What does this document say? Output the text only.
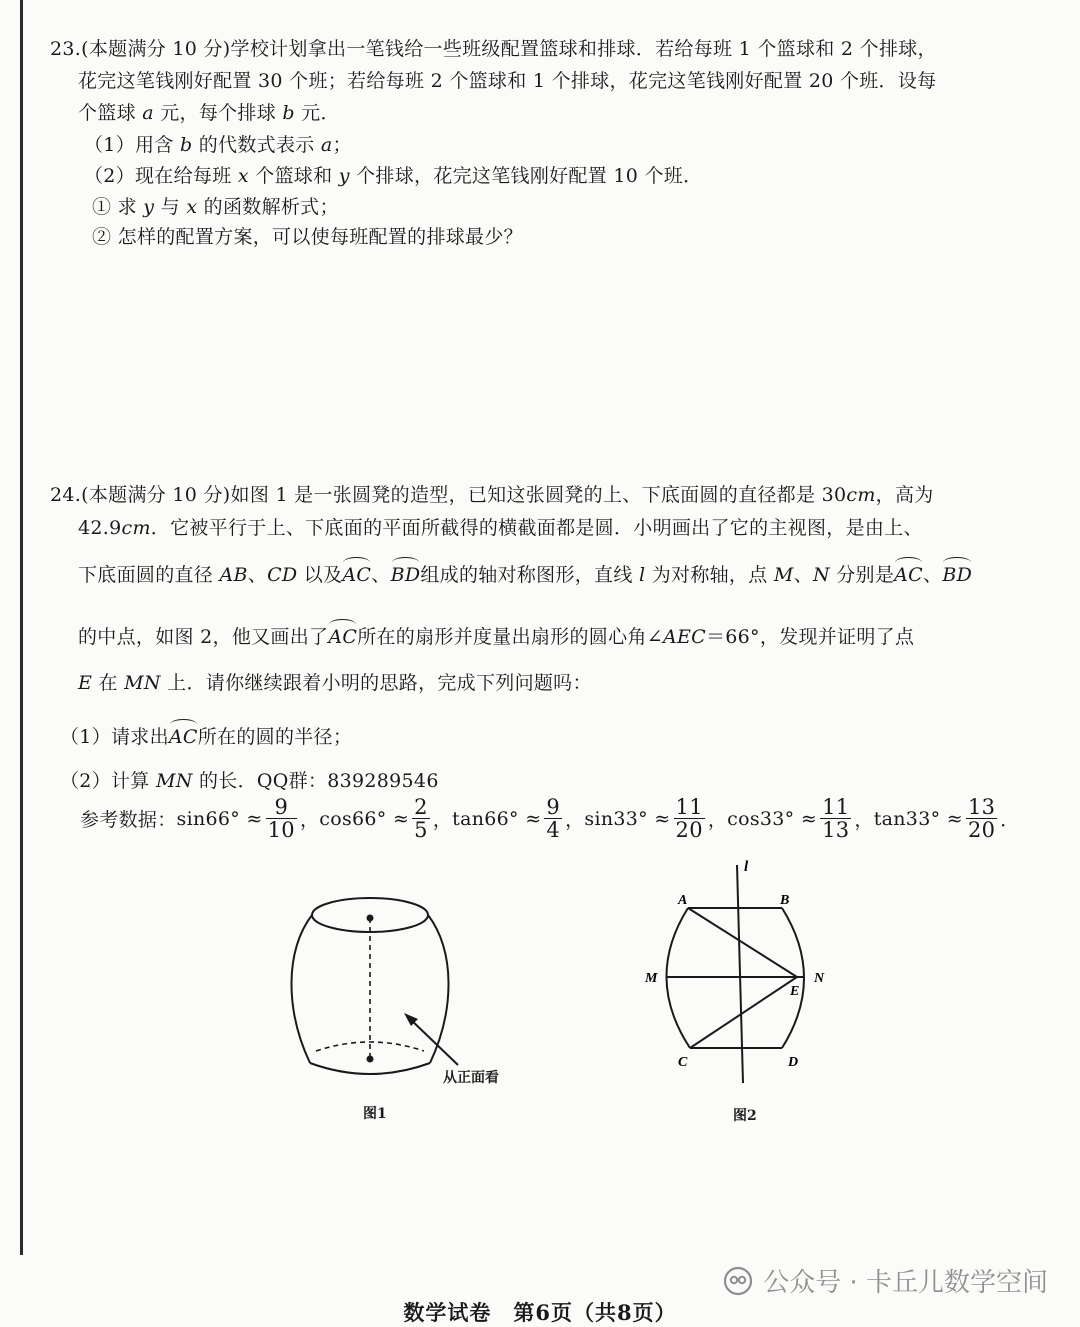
23.(本题满分 10 分)学校计划拿出一笔钱给一些班级配置篮球和排球．若给每班 1 个篮球和 2 个排球，
花完这笔钱刚好配置 30 个班；若给每班 2 个篮球和 1 个排球，花完这笔钱刚好配置 20 个班．设每
个篮球 a 元，每个排球 b 元．
（1）用含 b 的代数式表示 a；
（2）现在给每班 x 个篮球和 y 个排球，花完这笔钱刚好配置 10 个班．
① 求 y 与 x 的函数解析式；
② 怎样的配置方案，可以使每班配置的排球最少？
24.(本题满分 10 分)如图 1 是一张圆凳的造型，已知这张圆凳的上、下底面圆的直径都是 30cm，高为
42.9cm．它被平行于上、下底面的平面所截得的横截面都是圆．小明画出了它的主视图，是由上、
下底面圆的直径 AB、CD 以及AC、BD组成的轴对称图形，直线 l 为对称轴，点 M、N 分别是AC、BD
的中点，如图 2，他又画出了AC所在的扇形并度量出扇形的圆心角∠AEC＝66°，发现并证明了点
E 在 MN 上．请你继续跟着小明的思路，完成下列问题吗：
（1）请求出AC所在的圆的半径；
（2）计算 MN 的长．QQ群：839289546
参考数据： sin66°
≈ $\frac{9}{10}$ ， cos66°
≈ $\frac{2}{5}$ ， tan66°
≈ $\frac{9}{4}$ ， sin33°
≈ $\frac{11}{20}$ ， cos33°
≈ $\frac{11}{13}$ ， tan33°
≈ $\frac{13}{20}$ ．
从正面看
图1
l
A	B
M	N
E
C	D
图2
公众号 · 卡丘儿数学空间
数学试卷　第6页（共8页）
